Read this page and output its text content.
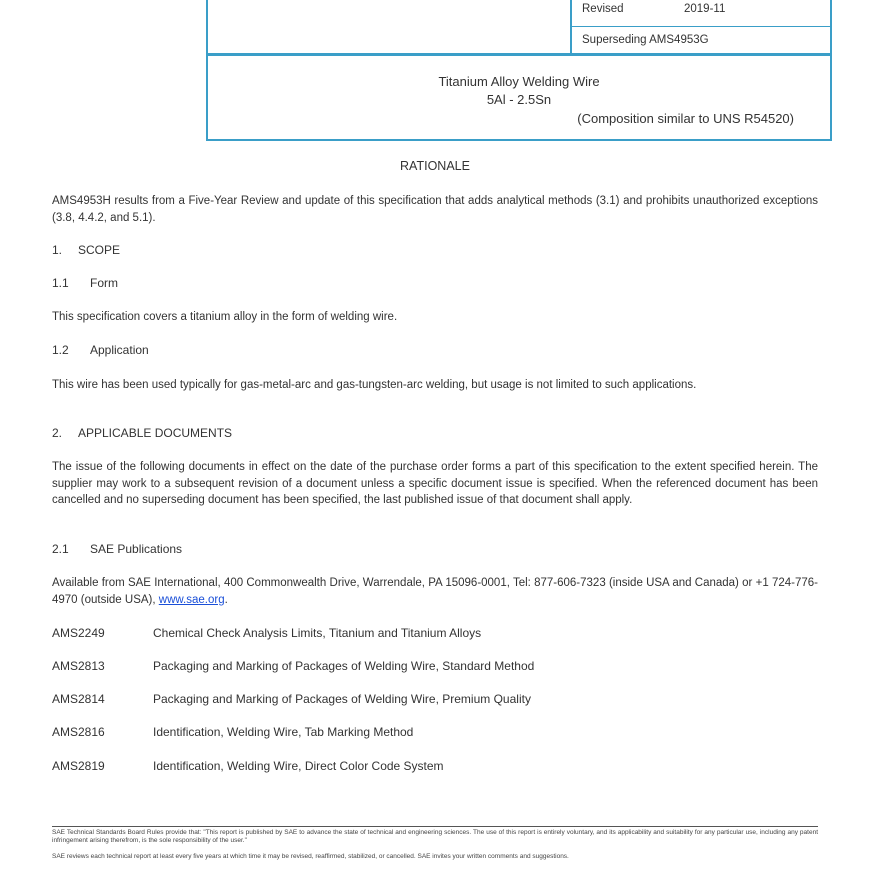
Revised	2019-11
Superseding AMS4953G
Titanium Alloy Welding Wire
5Al - 2.5Sn
(Composition similar to UNS R54520)
RATIONALE
AMS4953H results from a Five-Year Review and update of this specification that adds analytical methods (3.1) and prohibits unauthorized exceptions (3.8, 4.4.2, and 5.1).
1. SCOPE
1.1 Form
This specification covers a titanium alloy in the form of welding wire.
1.2 Application
This wire has been used typically for gas-metal-arc and gas-tungsten-arc welding, but usage is not limited to such applications.
2. APPLICABLE DOCUMENTS
The issue of the following documents in effect on the date of the purchase order forms a part of this specification to the extent specified herein. The supplier may work to a subsequent revision of a document unless a specific document issue is specified. When the referenced document has been cancelled and no superseding document has been specified, the last published issue of that document shall apply.
2.1 SAE Publications
Available from SAE International, 400 Commonwealth Drive, Warrendale, PA 15096-0001, Tel: 877-606-7323 (inside USA and Canada) or +1 724-776-4970 (outside USA), www.sae.org.
AMS2249	Chemical Check Analysis Limits, Titanium and Titanium Alloys
AMS2813	Packaging and Marking of Packages of Welding Wire, Standard Method
AMS2814	Packaging and Marking of Packages of Welding Wire, Premium Quality
AMS2816	Identification, Welding Wire, Tab Marking Method
AMS2819	Identification, Welding Wire, Direct Color Code System
SAE Technical Standards Board Rules provide that: "This report is published by SAE to advance the state of technical and engineering sciences. The use of this report is entirely voluntary, and its applicability and suitability for any particular use, including any patent infringement arising therefrom, is the sole responsibility of the user."
SAE reviews each technical report at least every five years at which time it may be revised, reaffirmed, stabilized, or cancelled. SAE invites your written comments and suggestions.
